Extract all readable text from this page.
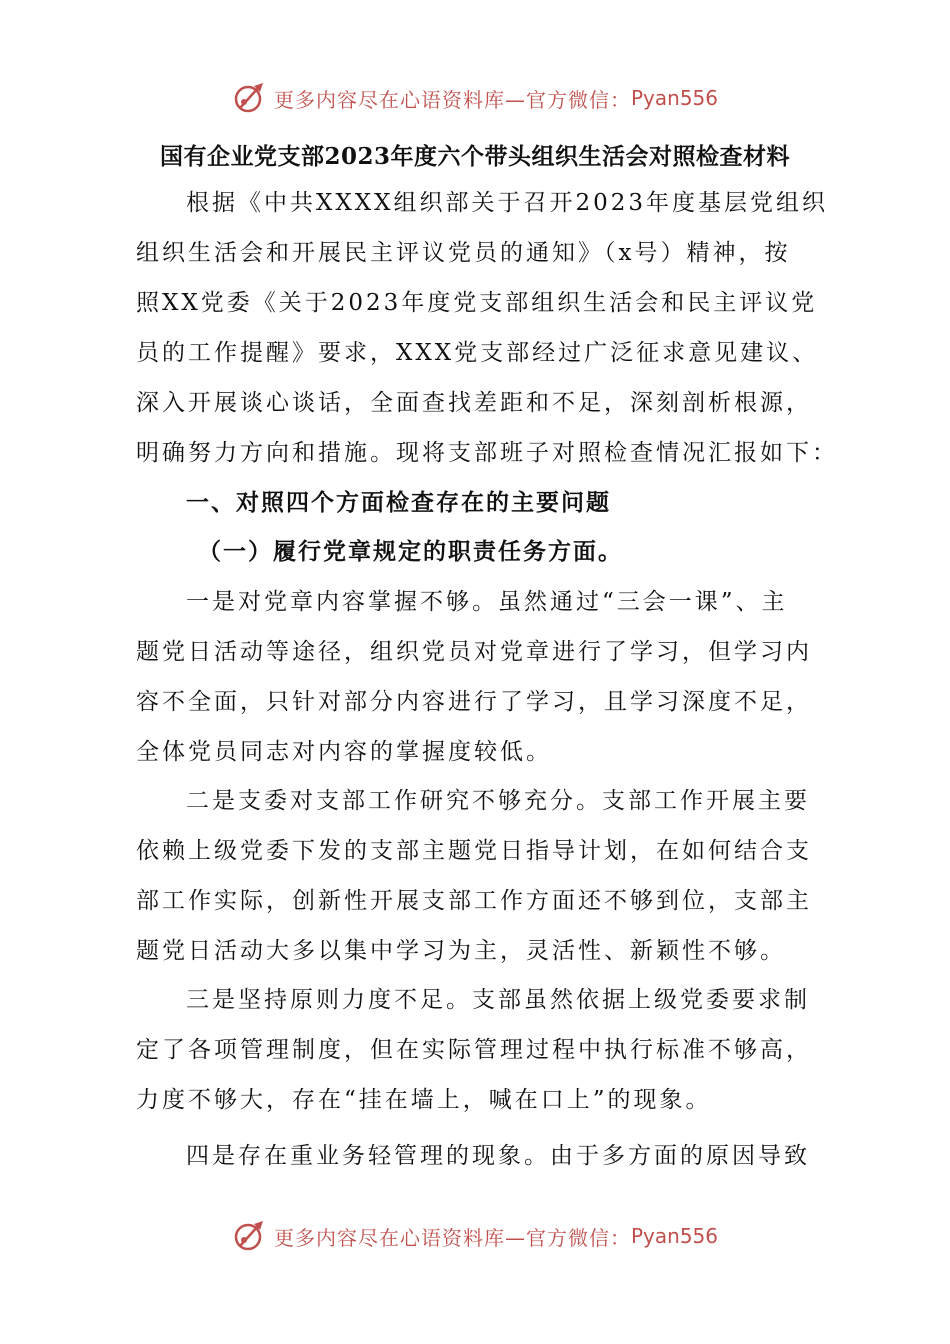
更多内容尽在心语资料库—官方微信： Pyan556
国有企业党支部2023年度六个带头组织生活会对照检查材料
根据《中共XXXX组织部关于召开2023年度基层党组织
组织生活会和开展民主评议党员的通知》（x号）精神，按
照XX党委《关于2023年度党支部组织生活会和民主评议党
员的工作提醒》要求，XXX党支部经过广泛征求意见建议、
深入开展谈心谈话，全面查找差距和不足，深刻剖析根源，
明确努力方向和措施。现将支部班子对照检查情况汇报如下：
一、对照四个方面检查存在的主要问题
（一）履行党章规定的职责任务方面。
一是对党章内容掌握不够。虽然通过“三会一课”、主
题党日活动等途径，组织党员对党章进行了学习，但学习内
容不全面，只针对部分内容进行了学习，且学习深度不足，
全体党员同志对内容的掌握度较低。
二是支委对支部工作研究不够充分。支部工作开展主要
依赖上级党委下发的支部主题党日指导计划，在如何结合支
部工作实际，创新性开展支部工作方面还不够到位，支部主
题党日活动大多以集中学习为主，灵活性、新颖性不够。
三是坚持原则力度不足。支部虽然依据上级党委要求制
定了各项管理制度，但在实际管理过程中执行标准不够高，
力度不够大，存在“挂在墙上，喊在口上”的现象。
四是存在重业务轻管理的现象。由于多方面的原因导致
更多内容尽在心语资料库—官方微信： Pyan556
